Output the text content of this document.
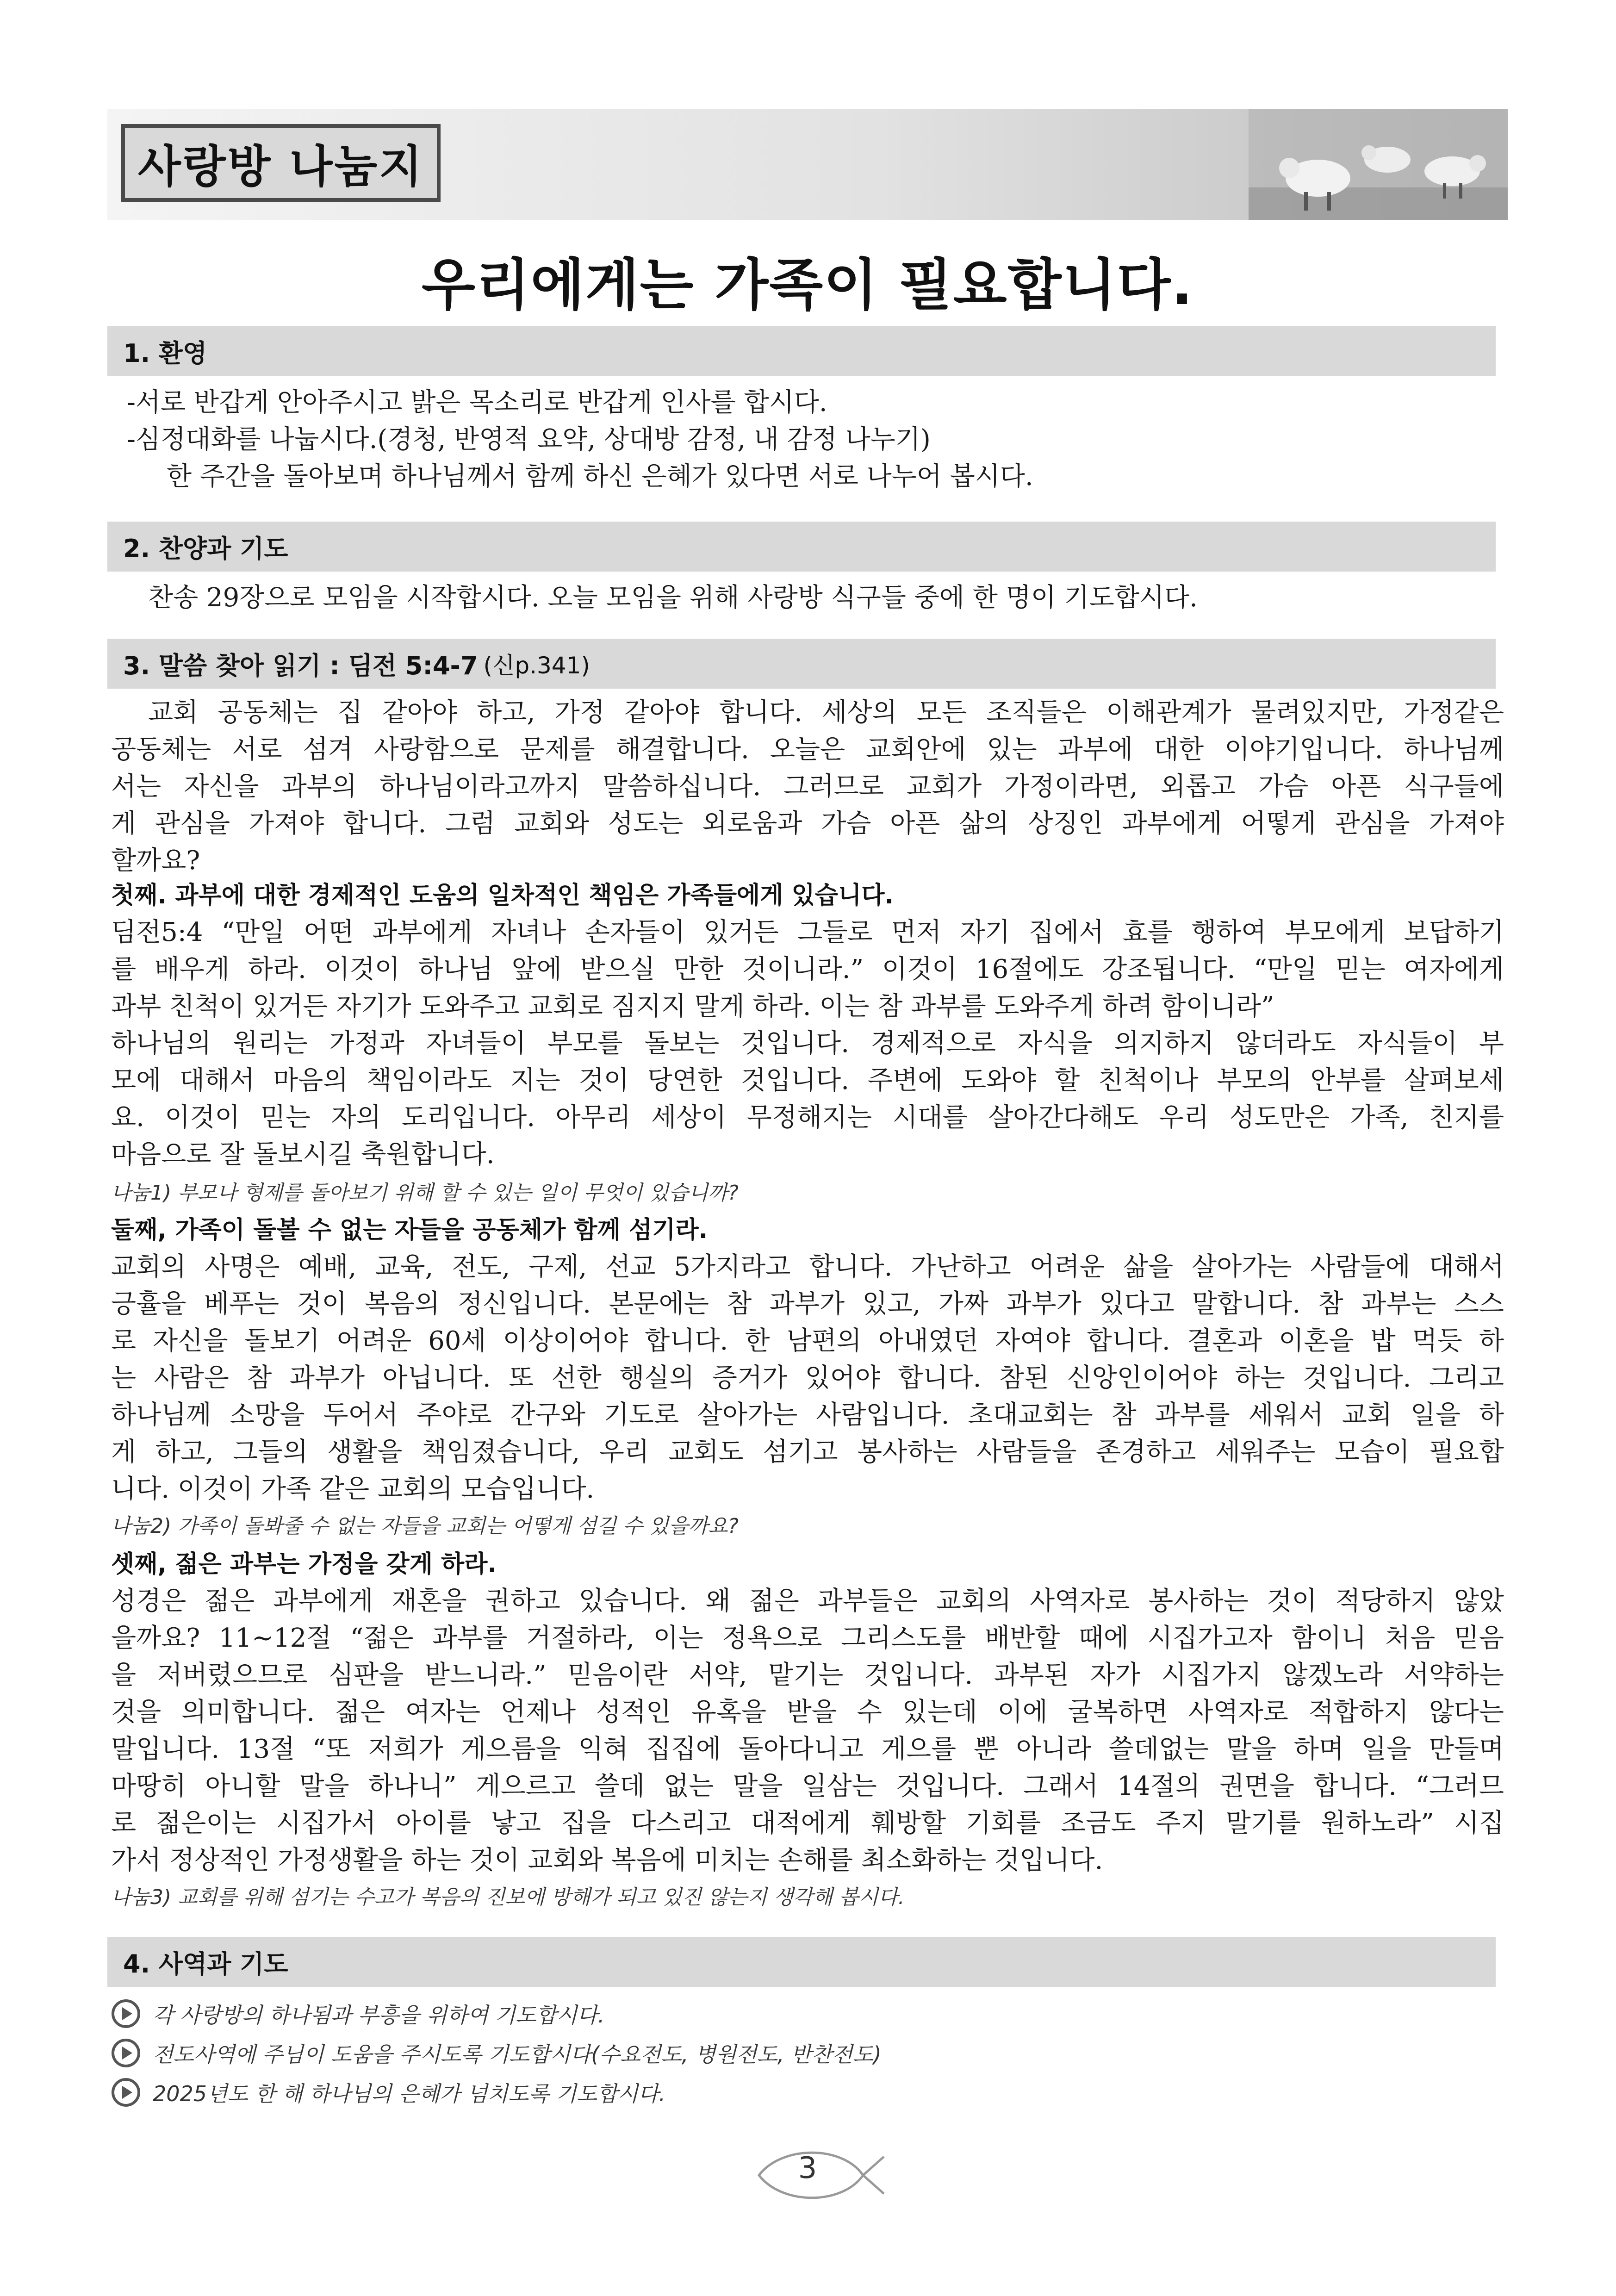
사랑방 나눔지
우리에게는 가족이 필요합니다.
1. 환영
-서로 반갑게 안아주시고 밝은 목소리로 반갑게 인사를 합시다.
-심정대화를 나눕시다.(경청, 반영적 요약, 상대방 감정, 내 감정 나누기)
한 주간을 돌아보며 하나님께서 함께 하신 은혜가 있다면 서로 나누어 봅시다.
2. 찬양과 기도
찬송 29장으로 모임을 시작합시다. 오늘 모임을 위해 사랑방 식구들 중에 한 명이 기도합시다.
3. 말씀 찾아 읽기 : 딤전 5:4-7 (신p.341)
교회 공동체는 집 같아야 하고, 가정 같아야 합니다. 세상의 모든 조직들은 이해관계가 물려있지만, 가정같은
공동체는 서로 섬겨 사랑함으로 문제를 해결합니다. 오늘은 교회안에 있는 과부에 대한 이야기입니다. 하나님께
서는 자신을 과부의 하나님이라고까지 말씀하십니다. 그러므로 교회가 가정이라면, 외롭고 가슴 아픈 식구들에
게 관심을 가져야 합니다. 그럼 교회와 성도는 외로움과 가슴 아픈 삶의 상징인 과부에게 어떻게 관심을 가져야
할까요?
첫째. 과부에 대한 경제적인 도움의 일차적인 책임은 가족들에게 있습니다.
딤전5:4 “만일 어떤 과부에게 자녀나 손자들이 있거든 그들로 먼저 자기 집에서 효를 행하여 부모에게 보답하기
를 배우게 하라. 이것이 하나님 앞에 받으실 만한 것이니라.” 이것이 16절에도 강조됩니다. “만일 믿는 여자에게
과부 친척이 있거든 자기가 도와주고 교회로 짐지지 말게 하라. 이는 참 과부를 도와주게 하려 함이니라”
하나님의 원리는 가정과 자녀들이 부모를 돌보는 것입니다. 경제적으로 자식을 의지하지 않더라도 자식들이 부
모에 대해서 마음의 책임이라도 지는 것이 당연한 것입니다. 주변에 도와야 할 친척이나 부모의 안부를 살펴보세
요. 이것이 믿는 자의 도리입니다. 아무리 세상이 무정해지는 시대를 살아간다해도 우리 성도만은 가족, 친지를
마음으로 잘 돌보시길 축원합니다.
나눔1) 부모나 형제를 돌아보기 위해 할 수 있는 일이 무엇이 있습니까?
둘째, 가족이 돌볼 수 없는 자들을 공동체가 함께 섬기라.
교회의 사명은 예배, 교육, 전도, 구제, 선교 5가지라고 합니다. 가난하고 어려운 삶을 살아가는 사람들에 대해서
긍휼을 베푸는 것이 복음의 정신입니다. 본문에는 참 과부가 있고, 가짜 과부가 있다고 말합니다. 참 과부는 스스
로 자신을 돌보기 어려운 60세 이상이어야 합니다. 한 남편의 아내였던 자여야 합니다. 결혼과 이혼을 밥 먹듯 하
는 사람은 참 과부가 아닙니다. 또 선한 행실의 증거가 있어야 합니다. 참된 신앙인이어야 하는 것입니다. 그리고
하나님께 소망을 두어서 주야로 간구와 기도로 살아가는 사람입니다. 초대교회는 참 과부를 세워서 교회 일을 하
게 하고, 그들의 생활을 책임졌습니다, 우리 교회도 섬기고 봉사하는 사람들을 존경하고 세워주는 모습이 필요합
니다. 이것이 가족 같은 교회의 모습입니다.
나눔2) 가족이 돌봐줄 수 없는 자들을 교회는 어떻게 섬길 수 있을까요?
셋째, 젊은 과부는 가정을 갖게 하라.
성경은 젊은 과부에게 재혼을 권하고 있습니다. 왜 젊은 과부들은 교회의 사역자로 봉사하는 것이 적당하지 않았
을까요? 11~12절 “젊은 과부를 거절하라, 이는 정욕으로 그리스도를 배반할 때에 시집가고자 함이니 처음 믿음
을 저버렸으므로 심판을 받느니라.” 믿음이란 서약, 맡기는 것입니다. 과부된 자가 시집가지 않겠노라 서약하는
것을 의미합니다. 젊은 여자는 언제나 성적인 유혹을 받을 수 있는데 이에 굴복하면 사역자로 적합하지 않다는
말입니다. 13절 “또 저희가 게으름을 익혀 집집에 돌아다니고 게으를 뿐 아니라 쓸데없는 말을 하며 일을 만들며
마땅히 아니할 말을 하나니” 게으르고 쓸데 없는 말을 일삼는 것입니다. 그래서 14절의 권면을 합니다. “그러므
로 젊은이는 시집가서 아이를 낳고 집을 다스리고 대적에게 훼방할 기회를 조금도 주지 말기를 원하노라” 시집
가서 정상적인 가정생활을 하는 것이 교회와 복음에 미치는 손해를 최소화하는 것입니다.
나눔3) 교회를 위해 섬기는 수고가 복음의 진보에 방해가 되고 있진 않는지 생각해 봅시다.
4. 사역과 기도
각 사랑방의 하나됨과 부흥을 위하여 기도합시다.
전도사역에 주님이 도움을 주시도록 기도합시다(수요전도, 병원전도, 반찬전도)
2025년도 한 해 하나님의 은혜가 넘치도록 기도합시다.
3
